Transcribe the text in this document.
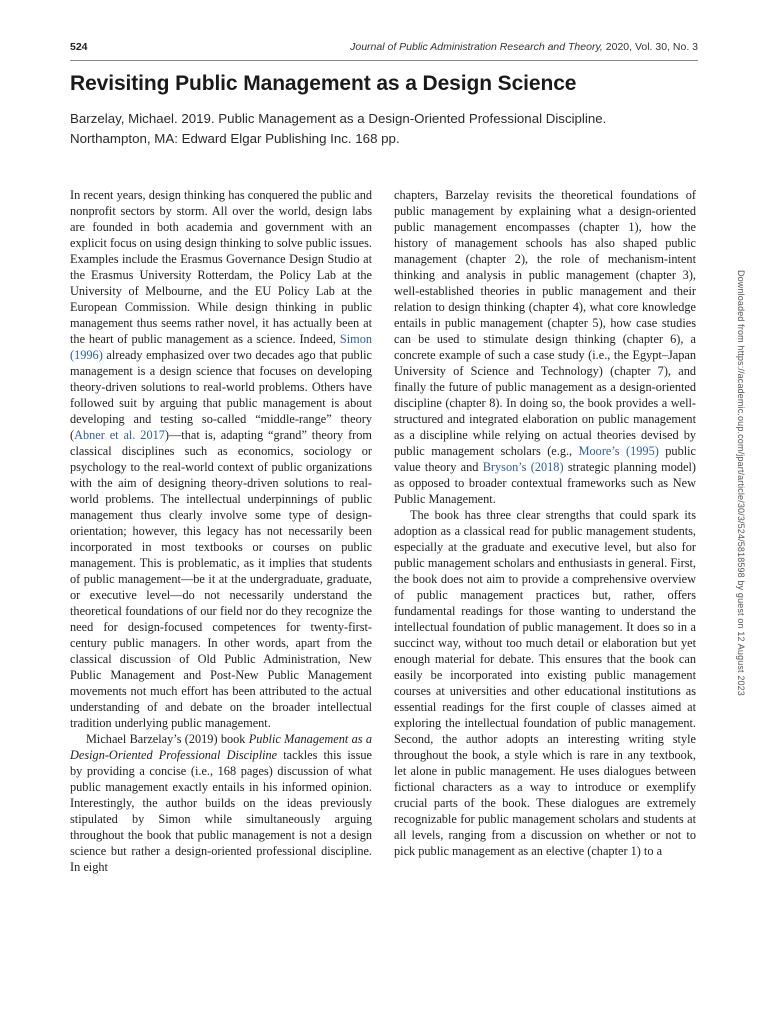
524	Journal of Public Administration Research and Theory, 2020, Vol. 30, No. 3
Revisiting Public Management as a Design Science
Barzelay, Michael. 2019. Public Management as a Design-Oriented Professional Discipline.
Northampton, MA: Edward Elgar Publishing Inc. 168 pp.

In recent years, design thinking has conquered the public and nonprofit sectors by storm. All over the world, design labs are founded in both academia and government with an explicit focus on using design thinking to solve public issues. Examples include the Erasmus Governance Design Studio at the Erasmus University Rotterdam, the Policy Lab at the University of Melbourne, and the EU Policy Lab at the European Commission. While design thinking in public management thus seems rather novel, it has actually been at the heart of public management as a science. Indeed, Simon (1996) already emphasized over two decades ago that public management is a design science that focuses on developing theory-driven solutions to real-world problems. Others have followed suit by arguing that public management is about developing and testing so-called “middle-range” theory (Abner et al. 2017)—that is, adapting “grand” theory from classical disciplines such as economics, sociology or psychology to the real-world context of public organizations with the aim of designing theory-driven solutions to real-world problems. The intellectual underpinnings of public management thus clearly involve some type of design-orientation; however, this legacy has not necessarily been incorporated in most textbooks or courses on public management. This is problematic, as it implies that students of public management—be it at the undergraduate, graduate, or executive level—do not necessarily understand the theoretical foundations of our field nor do they recognize the need for design-focused competences for twenty-first-century public managers. In other words, apart from the classical discussion of Old Public Administration, New Public Management and Post-New Public Management movements not much effort has been attributed to the actual understanding of and debate on the broader intellectual tradition underlying public management.

Michael Barzelay’s (2019) book Public Management as a Design-Oriented Professional Discipline tackles this issue by providing a concise (i.e., 168 pages) discussion of what public management exactly entails in his informed opinion. Interestingly, the author builds on the ideas previously stipulated by Simon while simultaneously arguing throughout the book that public management is not a design science but rather a design-oriented professional discipline. In eight

chapters, Barzelay revisits the theoretical foundations of public management by explaining what a design-oriented public management encompasses (chapter 1), how the history of management schools has also shaped public management (chapter 2), the role of mechanism-intent thinking and analysis in public management (chapter 3), well-established theories in public management and their relation to design thinking (chapter 4), what core knowledge entails in public management (chapter 5), how case studies can be used to stimulate design thinking (chapter 6), a concrete example of such a case study (i.e., the Egypt–Japan University of Science and Technology) (chapter 7), and finally the future of public management as a design-oriented discipline (chapter 8). In doing so, the book provides a well-structured and integrated elaboration on public management as a discipline while relying on actual theories devised by public management scholars (e.g., Moore’s (1995) public value theory and Bryson’s (2018) strategic planning model) as opposed to broader contextual frameworks such as New Public Management.

The book has three clear strengths that could spark its adoption as a classical read for public management students, especially at the graduate and executive level, but also for public management scholars and enthusiasts in general. First, the book does not aim to provide a comprehensive overview of public management practices but, rather, offers fundamental readings for those wanting to understand the intellectual foundation of public management. It does so in a succinct way, without too much detail or elaboration but yet enough material for debate. This ensures that the book can easily be incorporated into existing public management courses at universities and other educational institutions as essential readings for the first couple of classes aimed at exploring the intellectual foundation of public management. Second, the author adopts an interesting writing style throughout the book, a style which is rare in any textbook, let alone in public management. He uses dialogues between fictional characters as a way to introduce or exemplify crucial parts of the book. These dialogues are extremely recognizable for public management scholars and students at all levels, ranging from a discussion on whether or not to pick public management as an elective (chapter 1) to a

Downloaded from https://academic.oup.com/jpart/article/30/3/524/5818598 by guest on 12 August 2023
